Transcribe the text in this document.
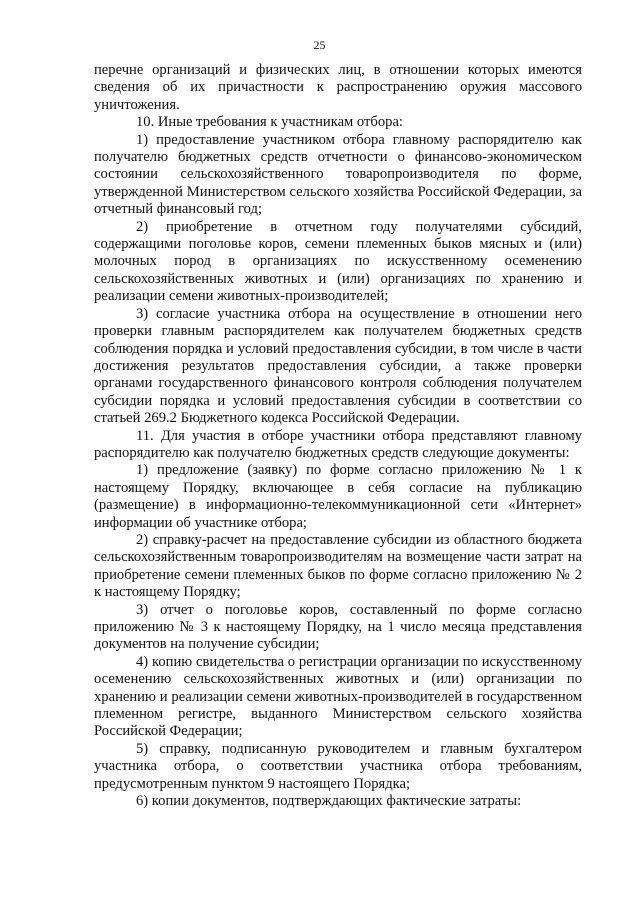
25

перечне организаций и физических лиц, в отношении которых имеются сведения об их причастности к распространению оружия массового уничтожения.

10. Иные требования к участникам отбора:

1) предоставление участником отбора главному распорядителю как получателю бюджетных средств отчетности о финансово-экономическом состоянии сельскохозяйственного товаропроизводителя по форме, утвержденной Министерством сельского хозяйства Российской Федерации, за отчетный финансовый год;

2) приобретение в отчетном году получателями субсидий, содержащими поголовье коров, семени племенных быков мясных и (или) молочных пород в организациях по искусственному осеменению сельскохозяйственных животных и (или) организациях по хранению и реализации семени животных-производителей;

3) согласие участника отбора на осуществление в отношении него проверки главным распорядителем как получателем бюджетных средств соблюдения порядка и условий предоставления субсидии, в том числе в части достижения результатов предоставления субсидии, а также проверки органами государственного финансового контроля соблюдения получателем субсидии порядка и условий предоставления субсидии в соответствии со статьей 269.2 Бюджетного кодекса Российской Федерации.

11. Для участия в отборе участники отбора представляют главному распорядителю как получателю бюджетных средств следующие документы:

1) предложение (заявку) по форме согласно приложению № 1 к настоящему Порядку, включающее в себя согласие на публикацию (размещение) в информационно-телекоммуникационной сети «Интернет» информации об участнике отбора;

2) справку-расчет на предоставление субсидии из областного бюджета сельскохозяйственным товаропроизводителям на возмещение части затрат на приобретение семени племенных быков по форме согласно приложению № 2 к настоящему Порядку;

3) отчет о поголовье коров, составленный по форме согласно приложению № 3 к настоящему Порядку, на 1 число месяца представления документов на получение субсидии;

4) копию свидетельства о регистрации организации по искусственному осеменению сельскохозяйственных животных и (или) организации по хранению и реализации семени животных-производителей в государственном племенном регистре, выданного Министерством сельского хозяйства Российской Федерации;

5) справку, подписанную руководителем и главным бухгалтером участника отбора, о соответствии участника отбора требованиям, предусмотренным пунктом 9 настоящего Порядка;

6) копии документов, подтверждающих фактические затраты:
